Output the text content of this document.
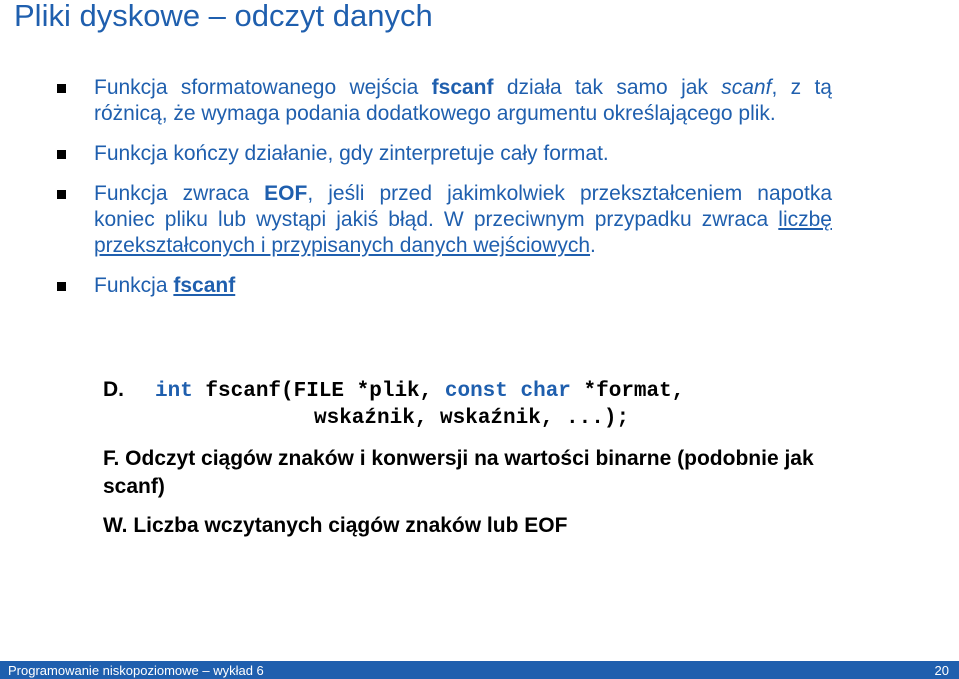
Pliki dyskowe – odczyt danych
Funkcja sformatowanego wejścia fscanf działa tak samo jak scanf, z tą różnicą, że wymaga podania dodatkowego argumentu określającego plik.
Funkcja kończy działanie, gdy zinterpretuje cały format.
Funkcja zwraca EOF, jeśli przed jakimkolwiek przekształceniem napotka koniec pliku lub wystąpi jakiś błąd. W przeciwnym przypadku zwraca liczbę przekształconych i przypisanych danych wejściowych.
Funkcja fscanf
D. int fscanf(FILE *plik, const char *format,
wskaźnik, wskaźnik, ...);
F. Odczyt ciągów znaków i konwersji na wartości binarne (podobnie jak scanf)
W. Liczba wczytanych ciągów znaków lub EOF
Programowanie niskopoziomowe – wykład 6	20
